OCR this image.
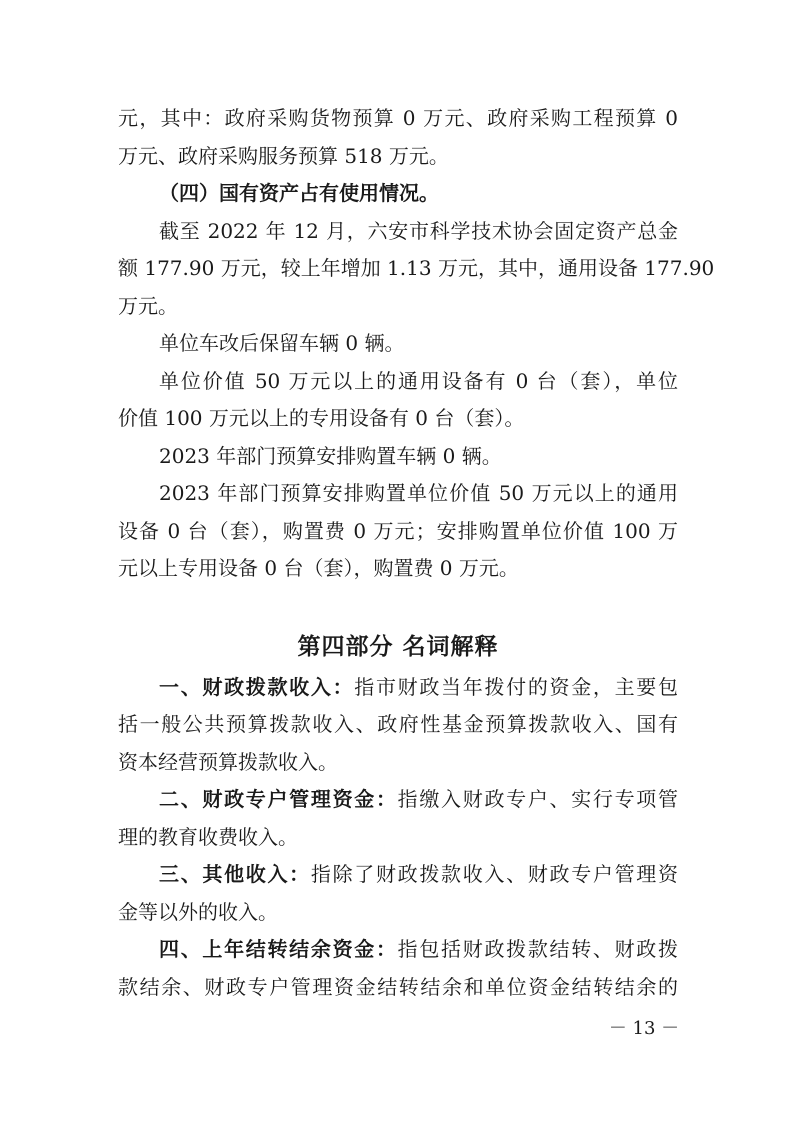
元，其中：政府采购货物预算 0 万元、政府采购工程预算 0
万元、政府采购服务预算 518 万元。
（四）国有资产占有使用情况。
截至 2022 年 12 月，六安市科学技术协会固定资产总金
额 177.90 万元，较上年增加 1.13 万元，其中，通用设备 177.90
万元。
单位车改后保留车辆 0 辆。
单位价值 50 万元以上的通用设备有 0 台（套），单位
价值 100 万元以上的专用设备有 0 台（套）。
2023 年部门预算安排购置车辆 0 辆。
2023 年部门预算安排购置单位价值 50 万元以上的通用
设备 0 台（套），购置费 0 万元；安排购置单位价值 100 万
元以上专用设备 0 台（套），购置费 0 万元。
第四部分 名词解释
一、财政拨款收入：指市财政当年拨付的资金，主要包
括一般公共预算拨款收入、政府性基金预算拨款收入、国有
资本经营预算拨款收入。
二、财政专户管理资金：指缴入财政专户、实行专项管
理的教育收费收入。
三、其他收入：指除了财政拨款收入、财政专户管理资
金等以外的收入。
四、上年结转结余资金：指包括财政拨款结转、财政拨
款结余、财政专户管理资金结转结余和单位资金结转结余的
－ 13 －
